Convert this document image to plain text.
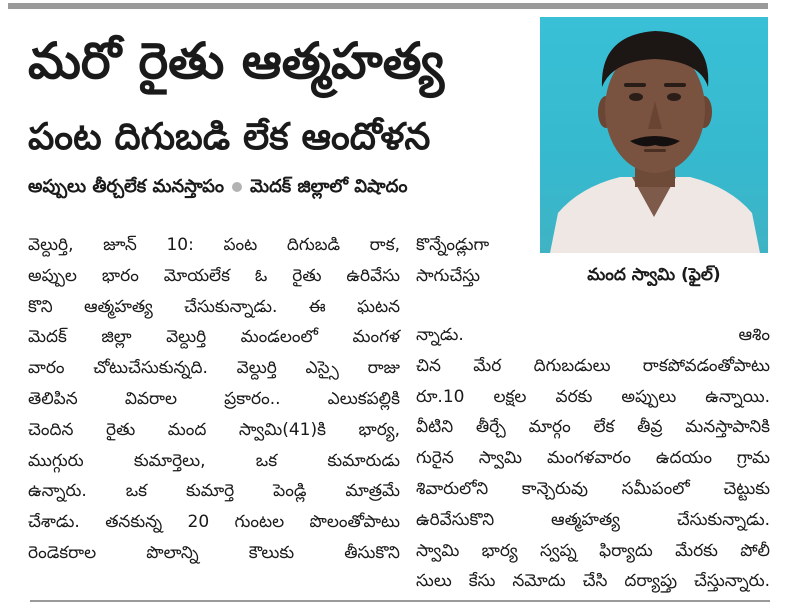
మరో రైతు ఆత్మహత్య
పంట దిగుబడి లేక ఆందోళన
అప్పులు తీర్చలేక మనస్తాపం మెదక్ జిల్లాలో విషాదం
మంద స్వామి (ఫైల్)
వెల్దుర్తి, జూన్ 10: పంట దిగుబడి రాక,
అప్పుల భారం మోయలేక ఓ రైతు ఉరివేసు
కొని ఆత్మహత్య చేసుకున్నాడు. ఈ ఘటన
మెదక్ జిల్లా వెల్దుర్తి మండలంలో మంగళ
వారం చోటుచేసుకున్నది. వెల్దుర్తి ఎస్సై రాజు
తెలిపిన వివరాల ప్రకారం.. ఎలుకపల్లికి
చెందిన రైతు మంద స్వామి(41)కి భార్య,
ముగ్గురు కుమార్తెలు, ఒక కుమారుడు
ఉన్నారు. ఒక కుమార్తె పెండ్లి మాత్రమే
చేశాడు. తనకున్న 20 గుంటల పొలంతోపాటు
రెండెకరాల పొలాన్ని కౌలుకు తీసుకొని
కొన్నేండ్లుగా
సాగుచేస్తు
న్నాడు. ఆశిం
చిన మేర దిగుబడులు రాకపోవడంతోపాటు
రూ.10 లక్షల వరకు అప్పులు ఉన్నాయి.
వీటిని తీర్చే మార్గం లేక తీవ్ర మనస్తాపానికి
గురైన స్వామి మంగళవారం ఉదయం గ్రామ
శివారులోని కాన్చెరువు సమీపంలో చెట్టుకు
ఉరివేసుకొని ఆత్మహత్య చేసుకున్నాడు.
స్వామి భార్య స్వప్న ఫిర్యాదు మేరకు పోలీ
సులు కేసు నమోదు చేసి దర్యాప్తు చేస్తున్నారు.
